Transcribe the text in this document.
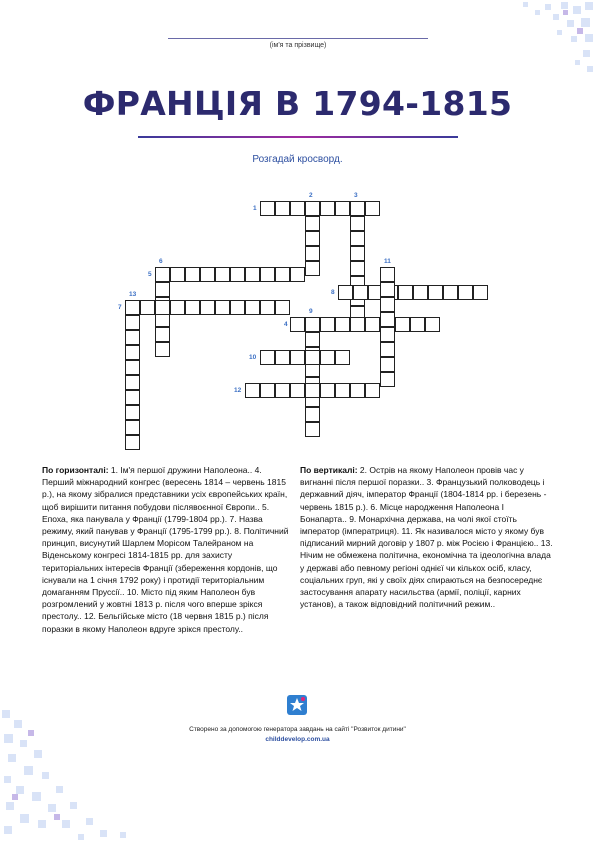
(ім'я та прізвище)
ФРАНЦІЯ В 1794-1815
Розгадай кросворд.
1
2	3
4
5
6
7
8
9
10
11
12
13
По горизонталі: 1. Ім'я першої дружини Наполеона.. 4. Перший міжнародний конгрес (вересень 1814 – червень 1815 р.), на якому зібралися представники усіх європейських країн, щоб вирішити питання побудови післявоєнної Європи.. 5. Епоха, яка панувала у Франції (1799-1804 рр.). 7. Назва режиму, який панував у Франції (1795-1799 рр.). 8. Політичний принцип, висунутий Шарлем Морісом Талейраном на Віденському конгресі 1814-1815 рр. для захисту територіальних інтересів Франції (збереження кордонів, що існували на 1 січня 1792 року) і протидії територіальним домаганням Пруссії.. 10. Місто під яким Наполеон був розгромлений у жовтні 1813 р. після чого вперше зрікся престолу.. 12. Бельгійське місто (18 червня 1815 р.) після поразки в якому Наполеон вдруге зрікся престолу..
По вертикалі: 2. Острів на якому Наполеон провів час у вигнанні після першої поразки.. 3. Французький полководець і державний діяч, імператор Франції (1804-1814 рр. і березень - червень 1815 р.). 6. Місце народження Наполеона І Бонапарта.. 9. Монархічна держава, на чолі якої стоїть імператор (імператриця). 11. Як називалося місто у якому був підписаний мирний договір у 1807 р. між Росією і Францією.. 13. Нічим не обмежена політична, економічна та ідеологічна влада у державі або певному регіоні однієї чи кількох осіб, класу, соціальних груп, які у своїх діях спираються на безпосереднє застосування апарату насильства (армії, поліції, карних установ), а також відповідний політичний режим..
Створено за допомогою генератора завдань на сайті "Розвиток дитини"
childdevelop.com.ua
